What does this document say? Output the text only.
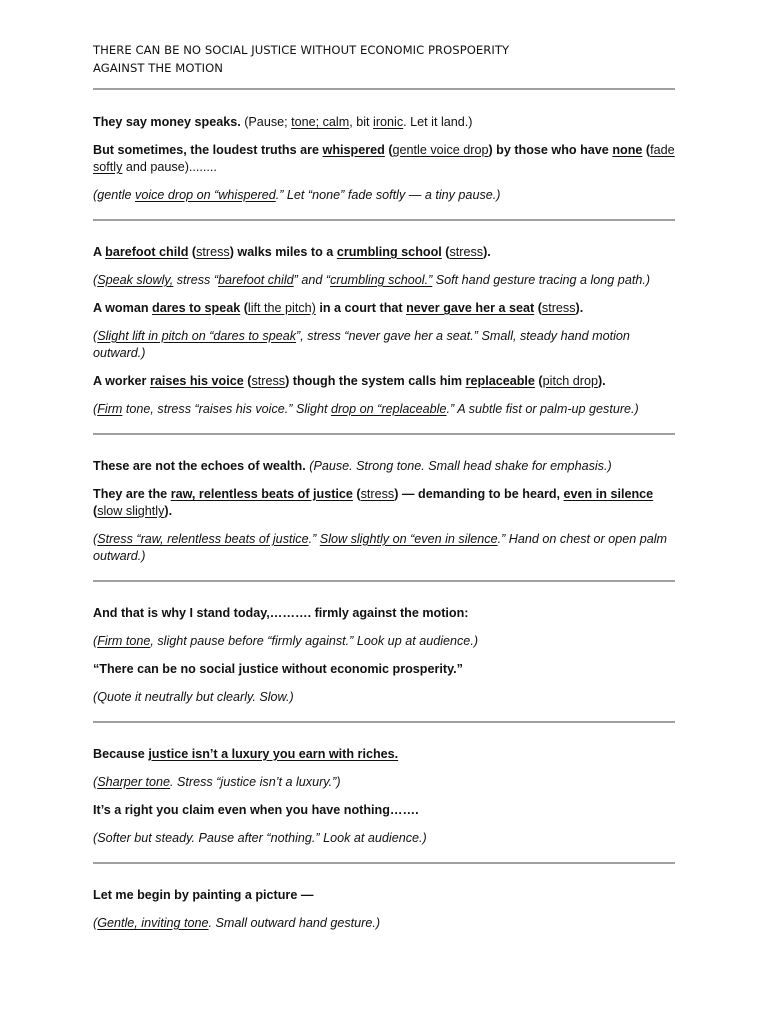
THERE CAN BE NO SOCIAL JUSTICE WITHOUT ECONOMIC PROSPOERITY
AGAINST THE MOTION

They say money speaks. (Pause; tone; calm, bit ironic. Let it land.)

But sometimes, the loudest truths are whispered (gentle voice drop) by those who have none (fade softly and pause)........

(gentle voice drop on “whispered.” Let “none” fade softly — a tiny pause.)

A barefoot child (stress) walks miles to a crumbling school (stress).

(Speak slowly, stress “barefoot child” and “crumbling school.” Soft hand gesture tracing a long path.)

A woman dares to speak (lift the pitch) in a court that never gave her a seat (stress).

(Slight lift in pitch on “dares to speak”, stress “never gave her a seat.” Small, steady hand motion outward.)

A worker raises his voice (stress) though the system calls him replaceable (pitch drop).

(Firm tone, stress “raises his voice.” Slight drop on “replaceable.” A subtle fist or palm-up gesture.)

These are not the echoes of wealth. (Pause. Strong tone. Small head shake for emphasis.)

They are the raw, relentless beats of justice (stress) — demanding to be heard, even in silence (slow slightly).

(Stress “raw, relentless beats of justice.” Slow slightly on “even in silence.” Hand on chest or open palm outward.)

And that is why I stand today,………. firmly against the motion:

(Firm tone, slight pause before “firmly against.” Look up at audience.)

“There can be no social justice without economic prosperity.”

(Quote it neutrally but clearly. Slow.)

Because justice isn’t a luxury you earn with riches.

(Sharper tone. Stress “justice isn’t a luxury.”)

It’s a right you claim even when you have nothing…….

(Softer but steady. Pause after “nothing.” Look at audience.)

Let me begin by painting a picture —

(Gentle, inviting tone. Small outward hand gesture.)
